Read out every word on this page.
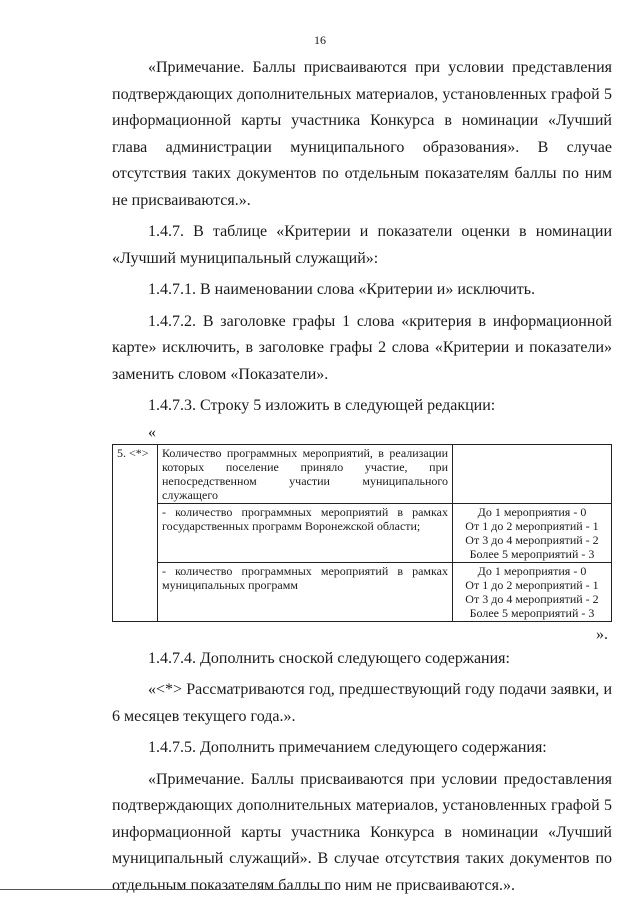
16

«Примечание. Баллы присваиваются при условии представления подтверждающих дополнительных материалов, установленных графой 5 информационной карты участника Конкурса в номинации «Лучший глава администрации муниципального образования». В случае отсутствия таких документов по отдельным показателям баллы по ним не присваиваются.».

1.4.7. В таблице «Критерии и показатели оценки в номинации «Лучший муниципальный служащий»:

1.4.7.1. В наименовании слова «Критерии и» исключить.

1.4.7.2. В заголовке графы 1 слова «критерия в информационной карте» исключить, в заголовке графы 2 слова «Критерии и показатели» заменить словом «Показатели».

1.4.7.3. Строку 5 изложить в следующей редакции:

«
5. <*>	Количество программных мероприятий, в реализации которых поселение приняло участие, при непосредственном участии муниципального служащего	
	- количество программных мероприятий в рамках государственных программ Воронежской области;	До 1 мероприятия - 0
От 1 до 2 мероприятий - 1
От 3 до 4 мероприятий - 2
Более 5 мероприятий - 3

	- количество программных мероприятий в рамках муниципальных программ	До 1 мероприятия - 0
От 1 до 2 мероприятий - 1
От 3 до 4 мероприятий - 2
Более 5 мероприятий - 3
».

1.4.7.4. Дополнить сноской следующего содержания:

«<*> Рассматриваются год, предшествующий году подачи заявки, и 6 месяцев текущего года.».

1.4.7.5. Дополнить примечанием следующего содержания:

«Примечание. Баллы присваиваются при условии предоставления подтверждающих дополнительных материалов, установленных графой 5 информационной карты участника Конкурса в номинации «Лучший муниципальный служащий». В случае отсутствия таких документов по отдельным показателям баллы по ним не присваиваются.».
